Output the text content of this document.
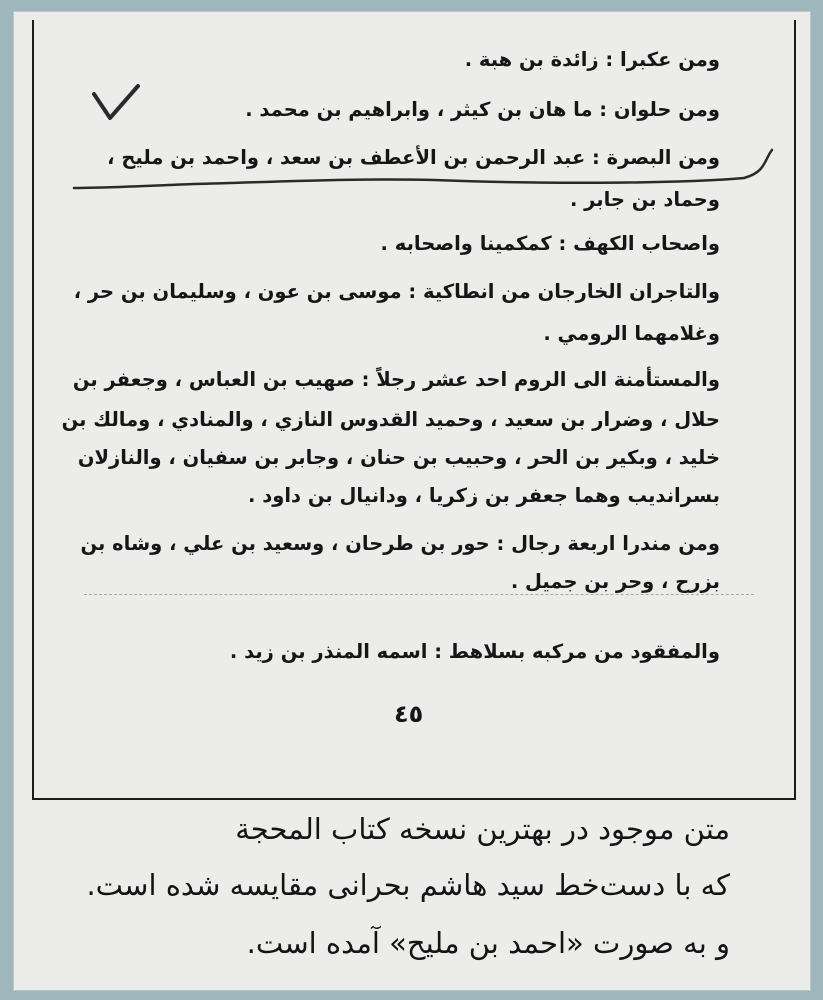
ومن عكبرا : زائدة بن هبة .
ومن حلوان : ما هان بن كيثر ، وابراهيم بن محمد .
ومن البصرة : عبد الرحمن بن الأعطف بن سعد ، واحمد بن مليح ،
وحماد بن جابر .
واصحاب الكهف : كمكمينا واصحابه .
والتاجران الخارجان من انطاكية : موسى بن عون ، وسليمان بن حر ،
وغلامهما الرومي .
والمستأمنة الى الروم احد عشر رجلاً : صهيب بن العباس ، وجعفر بن
حلال ، وضرار بن سعيد ، وحميد القدوس النازي ، والمنادي ، ومالك بن
خليد ، وبكير بن الحر ، وحبيب بن حنان ، وجابر بن سفيان ، والنازلان
بسرانديب وهما جعفر بن زكريا ، ودانيال بن داود .
ومن مندرا اربعة رجال : حور بن طرحان ، وسعيد بن علي ، وشاه بن
بزرح ، وحر بن جميل .
والمفقود من مركبه بسلاهط : اسمه المنذر بن زيد .
٤٥
متن موجود در بهترين نسخه كتاب المحجة
که با دست‌خط سيد هاشم بحرانى مقايسه شده است.
و به صورت «احمد بن مليح» آمده است.
